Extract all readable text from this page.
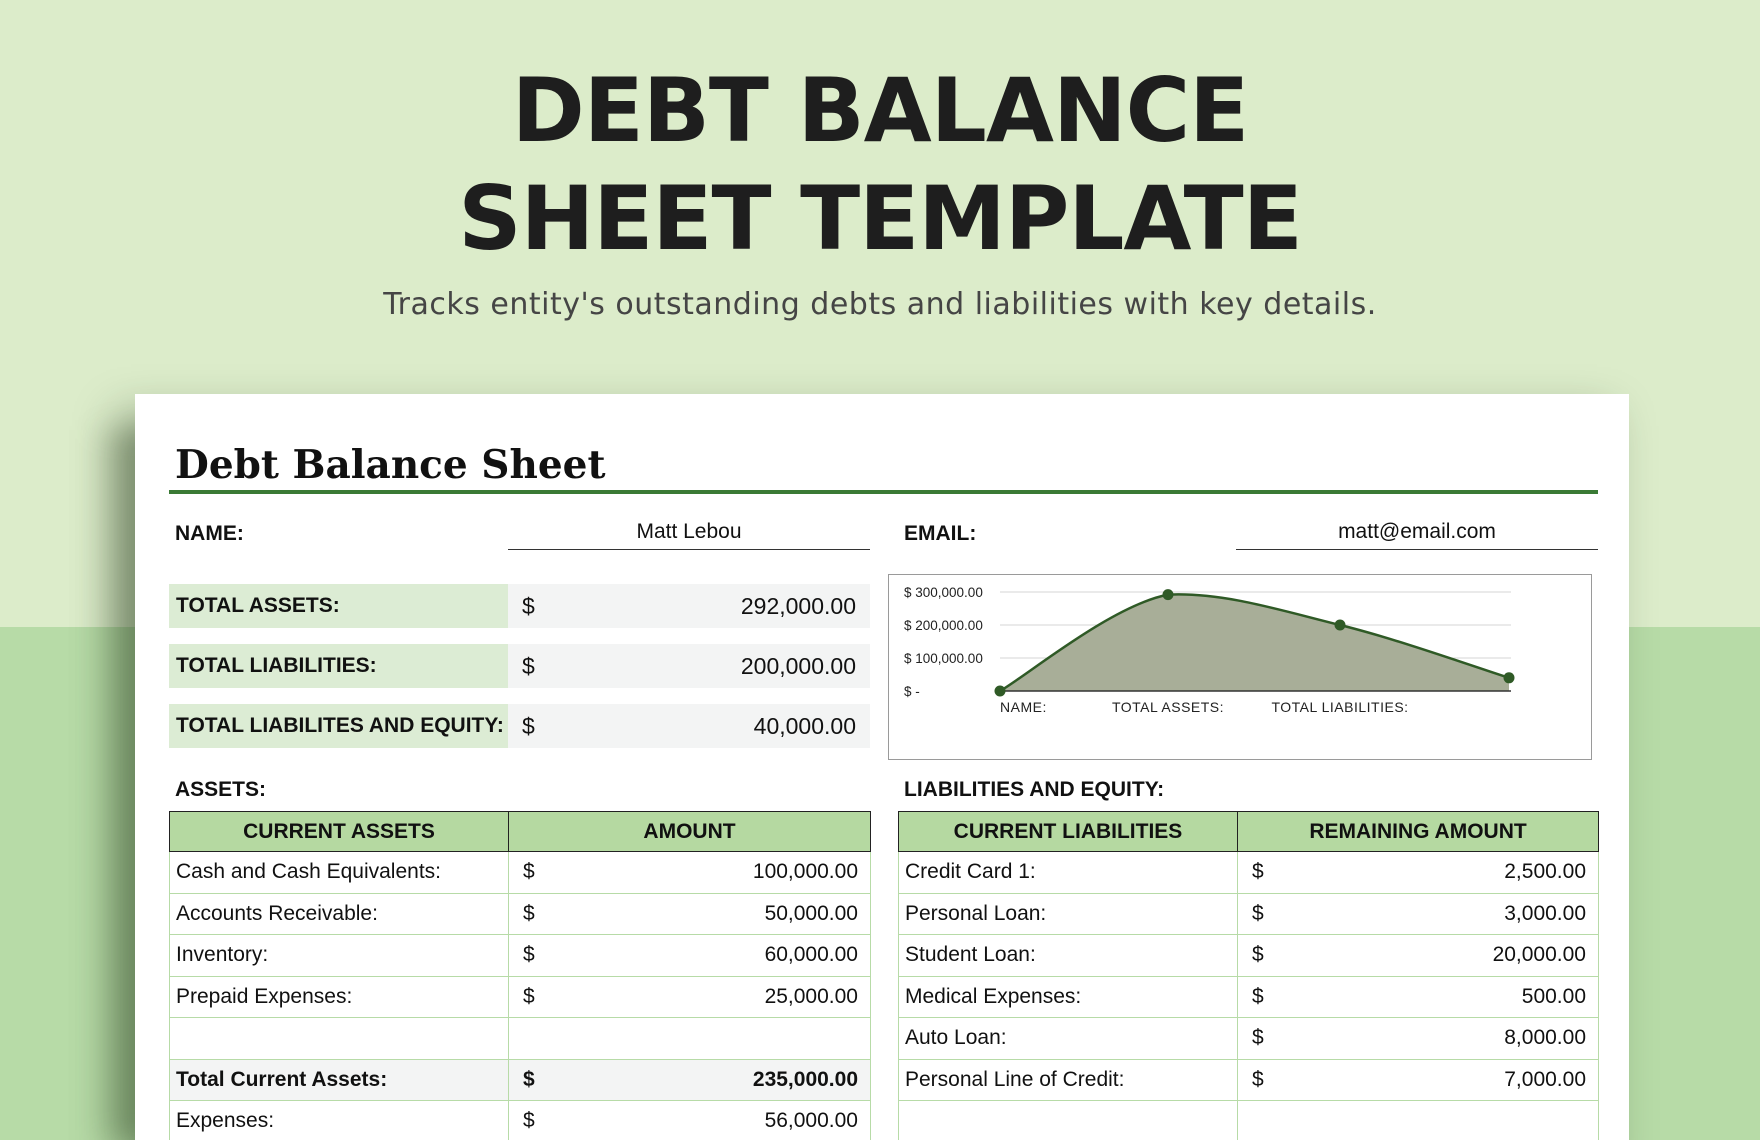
DEBT BALANCE
SHEET TEMPLATE

Tracks entity's outstanding debts and liabilities with key details.

Debt Balance Sheet
NAME:	Matt Lebou	EMAIL:	matt@email.com
TOTAL ASSETS:	$	292,000.00
TOTAL LIABILITIES:	$	200,000.00
TOTAL LIABILITES AND EQUITY: $	40,000.00
$ -
$ 100,000.00
$ 200,000.00
$ 300,000.00
NAME:	TOTAL ASSETS:	TOTAL LIABILITIES:
ASSETS:
CURRENT ASSETS	AMOUNT
Cash and Cash Equivalents:	$ 100,000.00

Accounts Receivable:	$ 50,000.00

Inventory:	$ 60,000.00

Prepaid Expenses:	$ 25,000.00

Total Current Assets:	$ 235,000.00

Expenses:	$ 56,000.00
LIABILITIES AND EQUITY:
CURRENT LIABILITIES	REMAINING AMOUNT
Credit Card 1:	$ 2,500.00

Personal Loan:	$ 3,000.00

Student Loan:	$ 20,000.00

Medical Expenses:	$ 500.00

Auto Loan:	$ 8,000.00

Personal Line of Credit:	$ 7,000.00
